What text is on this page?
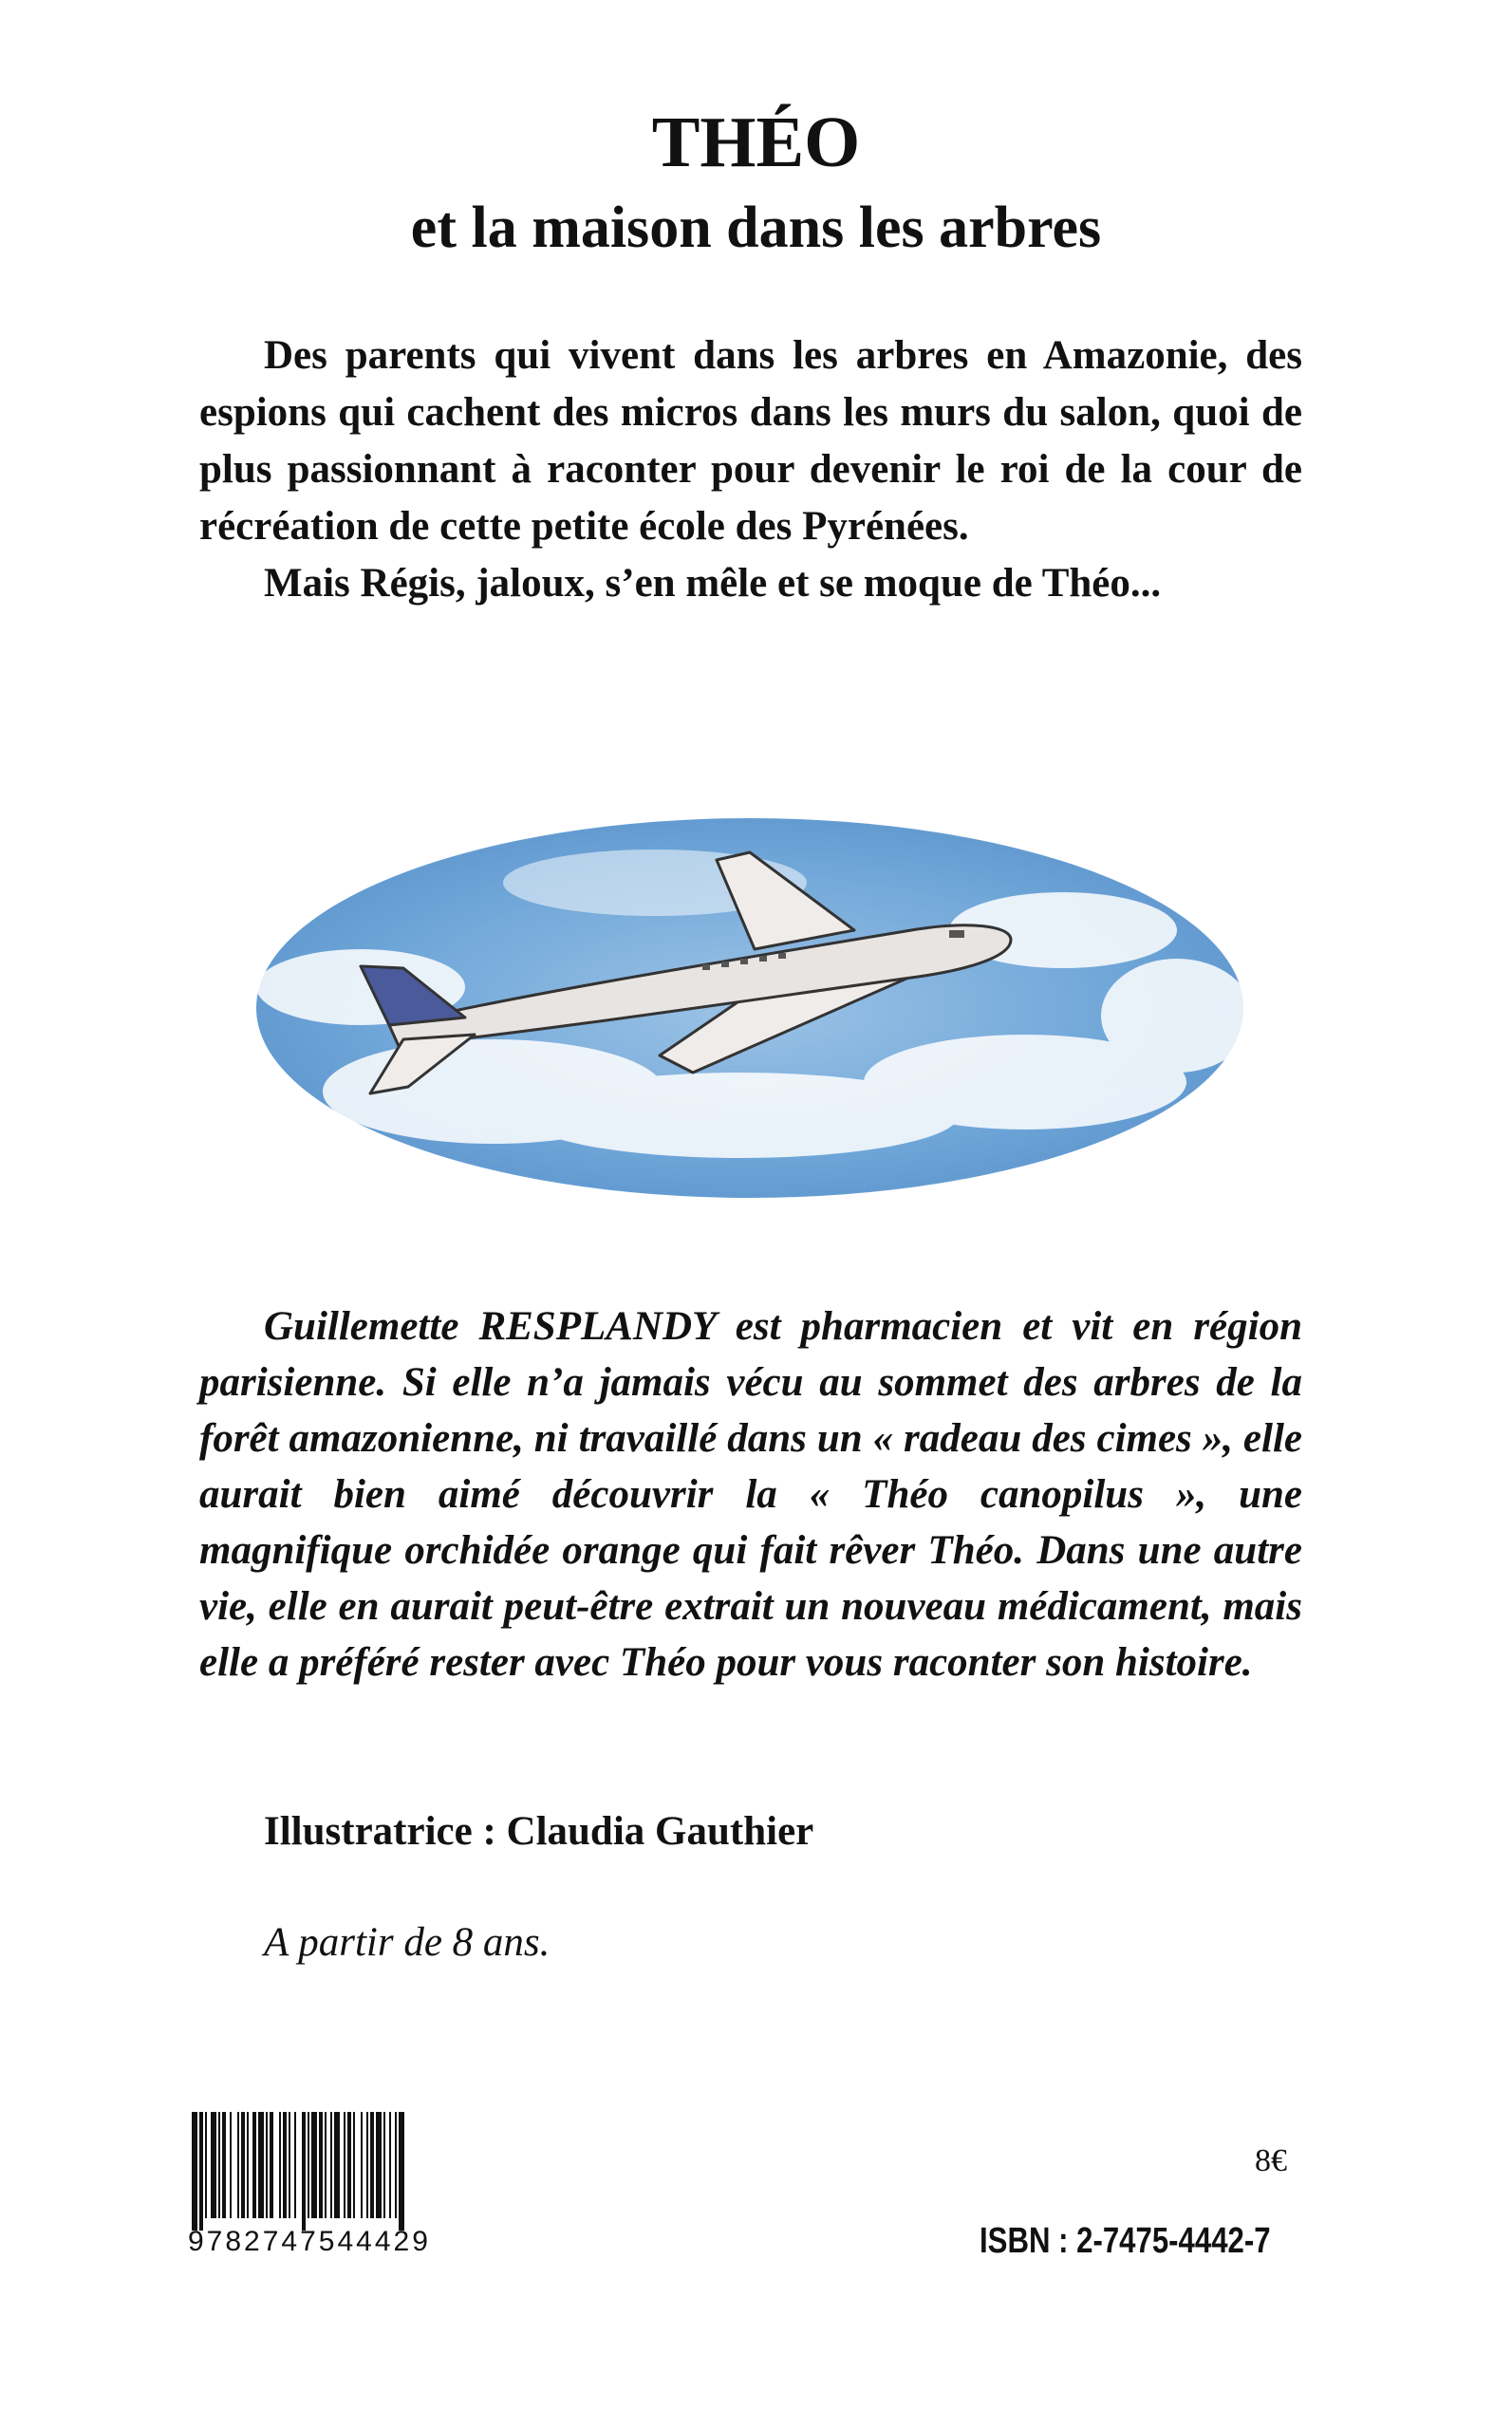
THÉO
et la maison dans les arbres

Des parents qui vivent dans les arbres en Amazonie, des espions qui cachent des micros dans les murs du salon, quoi de plus passionnant à raconter pour devenir le roi de la cour de récréation de cette petite école des Pyrénées.

Mais Régis, jaloux, s’en mêle et se moque de Théo...

Guillemette RESPLANDY est pharmacien et vit en région parisienne. Si elle n’a jamais vécu au sommet des arbres de la forêt amazonienne, ni travaillé dans un « radeau des cimes », elle aurait bien aimé découvrir la « Théo canopilus », une magnifique orchidée orange qui fait rêver Théo. Dans une autre vie, elle en aurait peut-être extrait un nouveau médicament, mais elle a préféré rester avec Théo pour vous raconter son histoire.

Illustratrice : Claudia Gauthier

A partir de 8 ans.

9782747544429

8€

ISBN : 2-7475-4442-7
